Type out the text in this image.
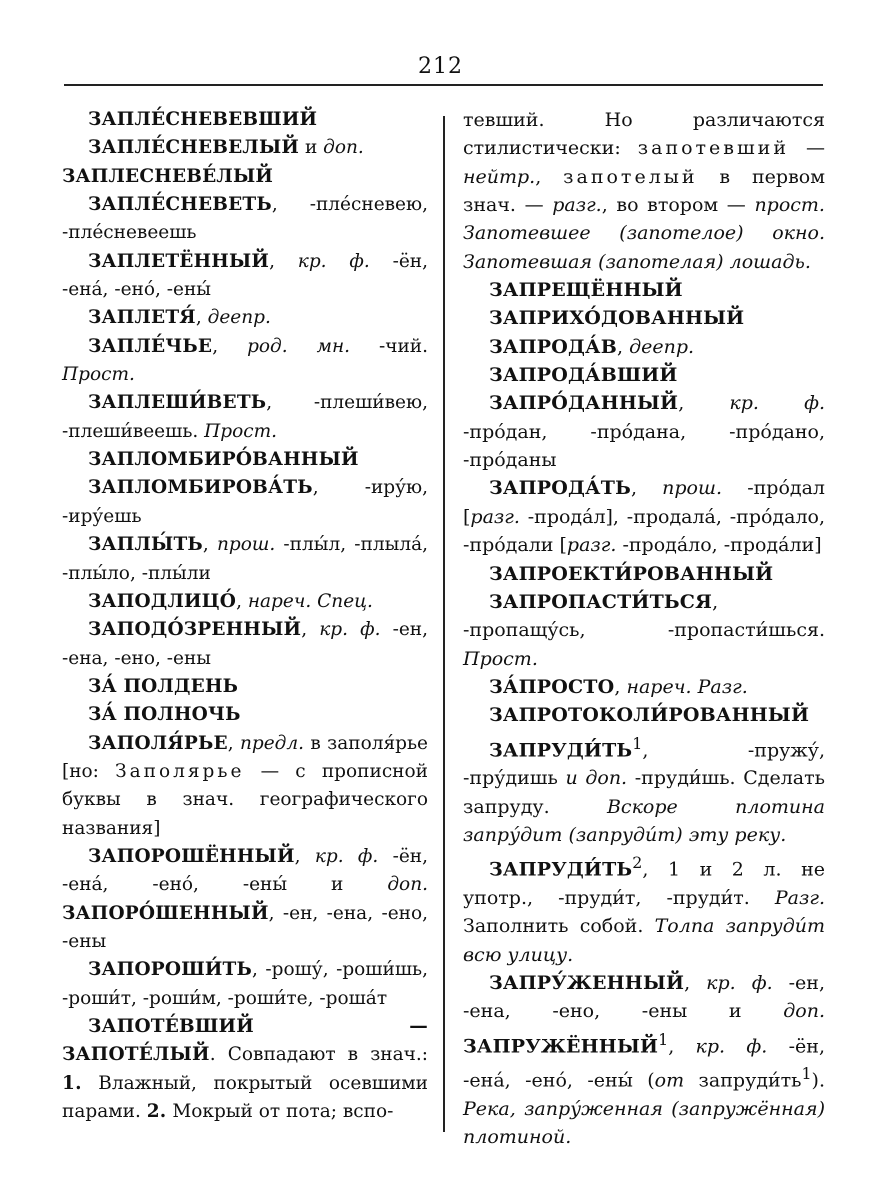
212

ЗАПЛЕ́СНЕВЕВШИЙ

ЗАПЛЕ́СНЕВЕЛЫЙ и доп.

ЗАПЛЕСНЕВЕ́ЛЫЙ

ЗАПЛЕ́СНЕВЕТЬ, -пле́сневею, -пле́сневеешь

ЗАПЛЕТЁННЫЙ, кр. ф. -ён, -ена́, -ено́, -ены́

ЗАПЛЕТЯ́, деепр.

ЗАПЛЕ́ЧЬЕ, род. мн. -чий. Прост.

ЗАПЛЕШИ́ВЕТЬ, -плеши́вею, -плеши́веешь. Прост.

ЗАПЛОМБИРО́ВАННЫЙ

ЗАПЛОМБИРОВА́ТЬ, -иру́ю, -иру́ешь

ЗАПЛЫ́ТЬ, прош. -плы́л, -плыла́, -плы́ло, -плы́ли

ЗАПОДЛИЦО́, нареч. Спец.

ЗАПОДО́ЗРЕННЫЙ, кр. ф. -ен, -ена, -ено, -ены

ЗА́ ПОЛДЕНЬ

ЗА́ ПОЛНОЧЬ

ЗАПОЛЯ́РЬЕ, предл. в заполя́рье [но: Заполярье — с прописной буквы в знач. географического названия]

ЗАПОРОШЁННЫЙ, кр. ф. -ён, -ена́, -ено́, -ены́ и доп. ЗАПОРО́ШЕННЫЙ, -ен, -ена, -ено, -ены

ЗАПОРОШИ́ТЬ, -рошу́, -роши́шь, -роши́т, -роши́м, -роши́те, -роша́т

ЗАПОТЕ́ВШИЙ — ЗАПОТЕ́ЛЫЙ. Совпадают в знач.: 1. Влажный, покрытый осевшими парами. 2. Мокрый от пота; вспо-

тевший. Но различаются стилистически: запотевший — нейтр., запотелый в первом знач. — разг., во втором — прост. Запотевшее (запотелое) окно. Запотевшая (запотелая) лошадь.

ЗАПРЕЩЁННЫЙ

ЗАПРИХО́ДОВАННЫЙ

ЗАПРОДА́В, деепр.

ЗАПРОДА́ВШИЙ

ЗАПРО́ДАННЫЙ, кр. ф. -про́дан, -про́дана, -про́дано, -про́даны

ЗАПРОДА́ТЬ, прош. -про́дал [разг. -прода́л], -продала́, -про́дало, -про́дали [разг. -прода́ло, -прода́ли]

ЗАПРОЕКТИ́РОВАННЫЙ

ЗАПРОПАСТИ́ТЬСЯ, -пропащу́сь, -пропасти́шься. Прост.

ЗА́ПРОСТО, нареч. Разг.

ЗАПРОТОКОЛИ́РОВАННЫЙ

$ЗАПРУДИ́ТЬ^1$, -пружу́, -пру́дишь и доп. -пруди́шь. Сделать запруду. Вскоре плотина запру́дит (запруди́т) эту реку.

$ЗАПРУДИ́ТЬ^2$, 1 и 2 л. не употр., -пруди́т, -пруди́т. Разг. Заполнить собой. Толпа запруди́т всю улицу.

ЗАПРУ́ЖЕННЫЙ, кр. ф. -ен, -ена, -ено, -ены и доп. ЗАПРУЖЁННЫЙ$^1$, кр. ф. -ён, -ена́, -ено́, -ены́ (от $запруди́ть^1$). Река, запру́женная (запружённая) плотиной.
